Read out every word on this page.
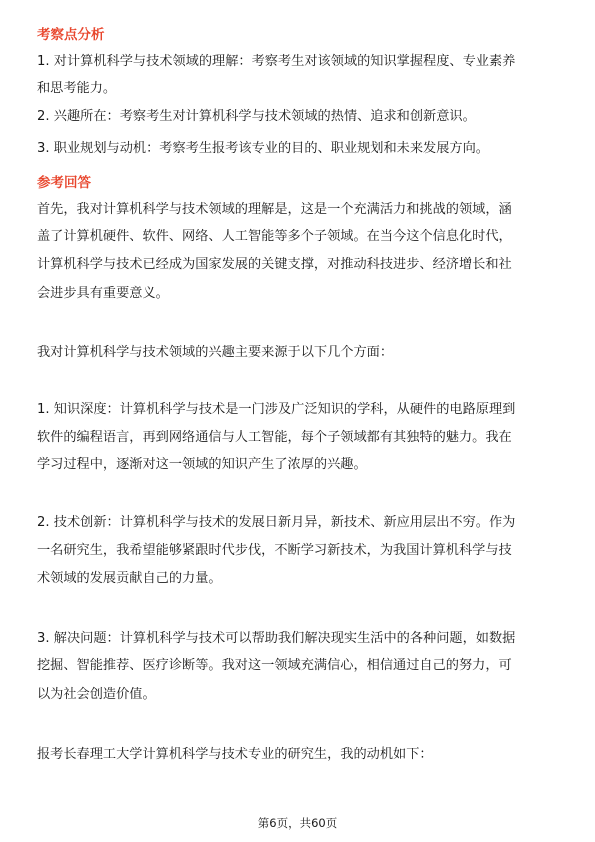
考察点分析
1. 对计算机科学与技术领域的理解：考察考生对该领域的知识掌握程度、专业素养
和思考能力。
2. 兴趣所在：考察考生对计算机科学与技术领域的热情、追求和创新意识。
3. 职业规划与动机：考察考生报考该专业的目的、职业规划和未来发展方向。
参考回答
首先，我对计算机科学与技术领域的理解是，这是一个充满活力和挑战的领域，涵
盖了计算机硬件、软件、网络、人工智能等多个子领域。在当今这个信息化时代，
计算机科学与技术已经成为国家发展的关键支撑，对推动科技进步、经济增长和社
会进步具有重要意义。
我对计算机科学与技术领域的兴趣主要来源于以下几个方面：
1. 知识深度：计算机科学与技术是一门涉及广泛知识的学科，从硬件的电路原理到
软件的编程语言，再到网络通信与人工智能，每个子领域都有其独特的魅力。我在
学习过程中，逐渐对这一领域的知识产生了浓厚的兴趣。
2. 技术创新：计算机科学与技术的发展日新月异，新技术、新应用层出不穷。作为
一名研究生，我希望能够紧跟时代步伐，不断学习新技术，为我国计算机科学与技
术领域的发展贡献自己的力量。
3. 解决问题：计算机科学与技术可以帮助我们解决现实生活中的各种问题，如数据
挖掘、智能推荐、医疗诊断等。我对这一领域充满信心，相信通过自己的努力，可
以为社会创造价值。
报考长春理工大学计算机科学与技术专业的研究生，我的动机如下：
第6页，共60页
